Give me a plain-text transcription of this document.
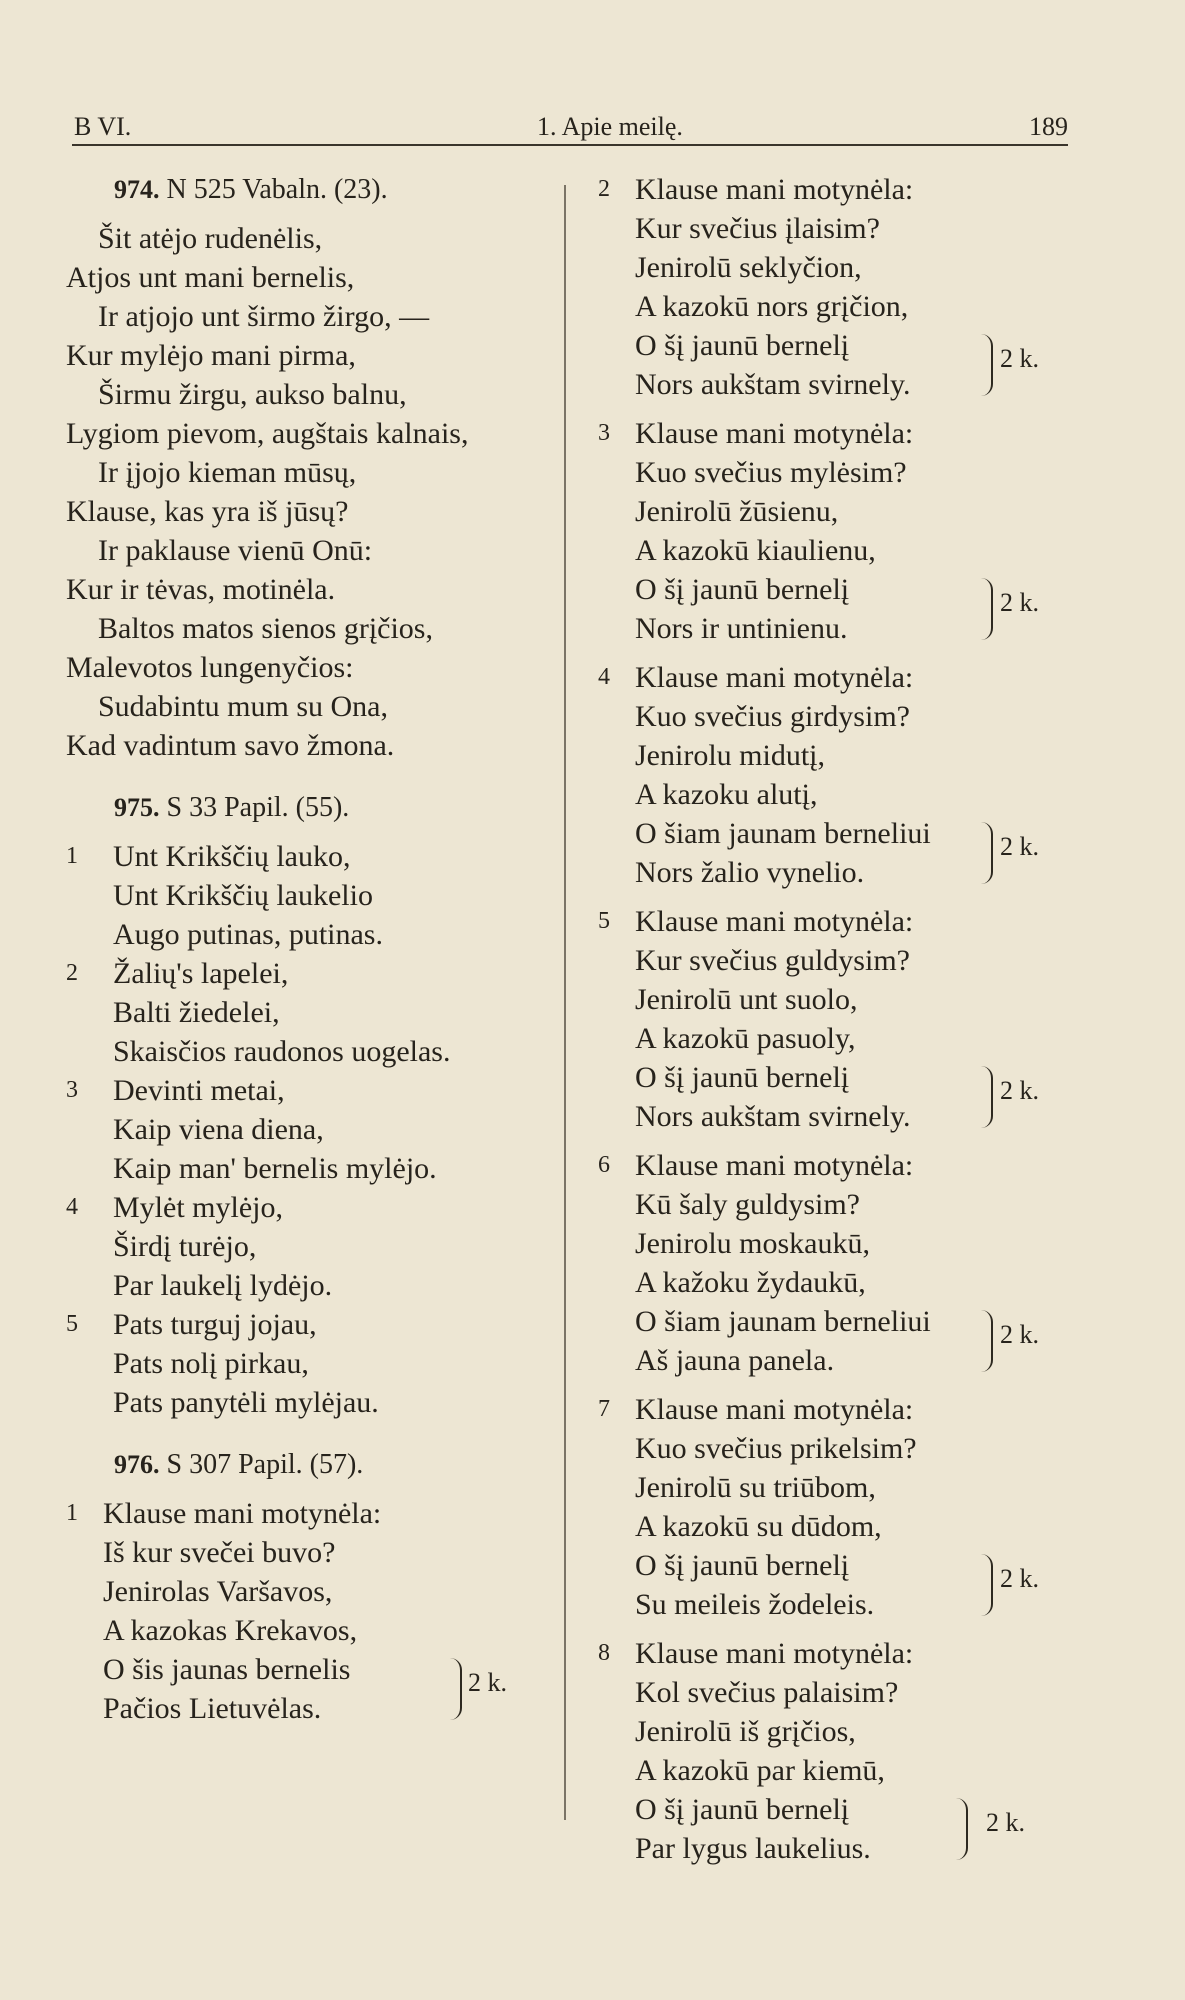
B VI.	1. Apie meilę.	189
974. N 525 Vabaln. (23).
Šit atėjo rudenėlis,
Atjos unt mani bernelis,
Ir atjojo unt širmo žirgo, —
Kur mylėjo mani pirma,
Širmu žirgu, aukso balnu,
Lygiom pievom, augštais kalnais,
Ir įjojo kieman mūsų,
Klause, kas yra iš jūsų?
Ir paklause vienū Onū:
Kur ir tėvas, motinėla.
Baltos matos sienos grįčios,
Malevotos lungenyčios:
Sudabintu mum su Ona,
Kad vadintum savo žmona.
975. S 33 Papil. (55).
1 Unt Krikščių lauko,
Unt Krikščių laukelio
Augo putinas, putinas.
2 Žalių's lapelei,
Balti žiedelei,
Skaisčios raudonos uogelas.
3 Devinti metai,
Kaip viena diena,
Kaip man' bernelis mylėjo.
4 Mylėt mylėjo,
Širdį turėjo,
Par laukelį lydėjo.
5 Pats turguj jojau,
Pats nolį pirkau,
Pats panytėli mylėjau.
976. S 307 Papil. (57).
1 Klause mani motynėla:
Iš kur svečei buvo?
Jenirolas Varšavos,
A kazokas Krekavos,
O šis jaunas bernelis
Pačios Lietuvėlas.
2 k.
2 Klause mani motynėla:
Kur svečius įlaisim?
Jenirolū seklyčion,
A kazokū nors grįčion,
O šį jaunū bernelį
Nors aukštam svirnely.
2 k.
3 Klause mani motynėla:
Kuo svečius mylėsim?
Jenirolū žūsienu,
A kazokū kiaulienu,
O šį jaunū bernelį
Nors ir untinienu.
2 k.
4 Klause mani motynėla:
Kuo svečius girdysim?
Jenirolu midutį,
A kazoku alutį,
O šiam jaunam berneliui
Nors žalio vynelio.
2 k.
5 Klause mani motynėla:
Kur svečius guldysim?
Jenirolū unt suolo,
A kazokū pasuoly,
O šį jaunū bernelį
Nors aukštam svirnely.
2 k.
6 Klause mani motynėla:
Kū šaly guldysim?
Jenirolu moskaukū,
A kažoku žydaukū,
O šiam jaunam berneliui
Aš jauna panela.
2 k.
7 Klause mani motynėla:
Kuo svečius prikelsim?
Jenirolū su triūbom,
A kazokū su dūdom,
O šį jaunū bernelį
Su meileis žodeleis.
2 k.
8 Klause mani motynėla:
Kol svečius palaisim?
Jenirolū iš grįčios,
A kazokū par kiemū,
O šį jaunū bernelį
Par lygus laukelius.
2 k.
